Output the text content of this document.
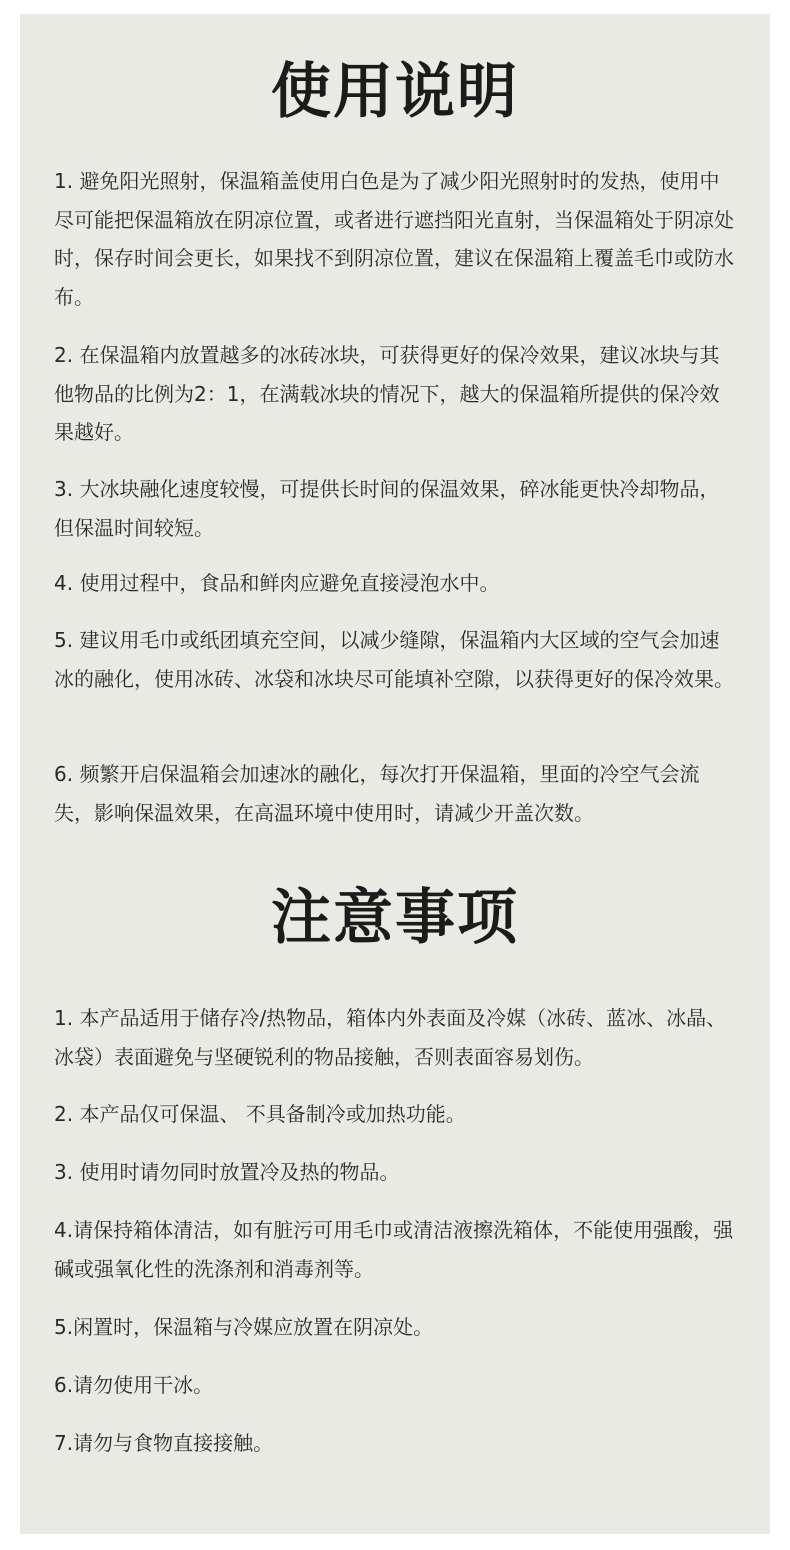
使用说明

1. 避免阳光照射，保温箱盖使用白色是为了减少阳光照射时的发热，使用中尽可能把保温箱放在阴凉位置，或者进行遮挡阳光直射，当保温箱处于阴凉处时，保存时间会更长，如果找不到阴凉位置，建议在保温箱上覆盖毛巾或防水布。

2. 在保温箱内放置越多的冰砖冰块，可获得更好的保冷效果，建议冰块与其他物品的比例为2：1，在满载冰块的情况下，越大的保温箱所提供的保冷效果越好。

3. 大冰块融化速度较慢，可提供长时间的保温效果，碎冰能更快冷却物品，但保温时间较短。

4. 使用过程中，食品和鲜肉应避免直接浸泡水中。

5. 建议用毛巾或纸团填充空间，以减少缝隙，保温箱内大区域的空气会加速冰的融化，使用冰砖、冰袋和冰块尽可能填补空隙，以获得更好的保冷效果。

6. 频繁开启保温箱会加速冰的融化，每次打开保温箱，里面的冷空气会流失，影响保温效果，在高温环境中使用时，请减少开盖次数。

注意事项

1. 本产品适用于储存冷/热物品，箱体内外表面及冷媒（冰砖、蓝冰、冰晶、冰袋）表面避免与坚硬锐利的物品接触，否则表面容易划伤。

2. 本产品仅可保温、 不具备制冷或加热功能。

3. 使用时请勿同时放置冷及热的物品。

4.请保持箱体清洁，如有脏污可用毛巾或清洁液擦洗箱体，不能使用强酸，强碱或强氧化性的洗涤剂和消毒剂等。

5.闲置时，保温箱与冷媒应放置在阴凉处。

6.请勿使用干冰。

7.请勿与食物直接接触。
